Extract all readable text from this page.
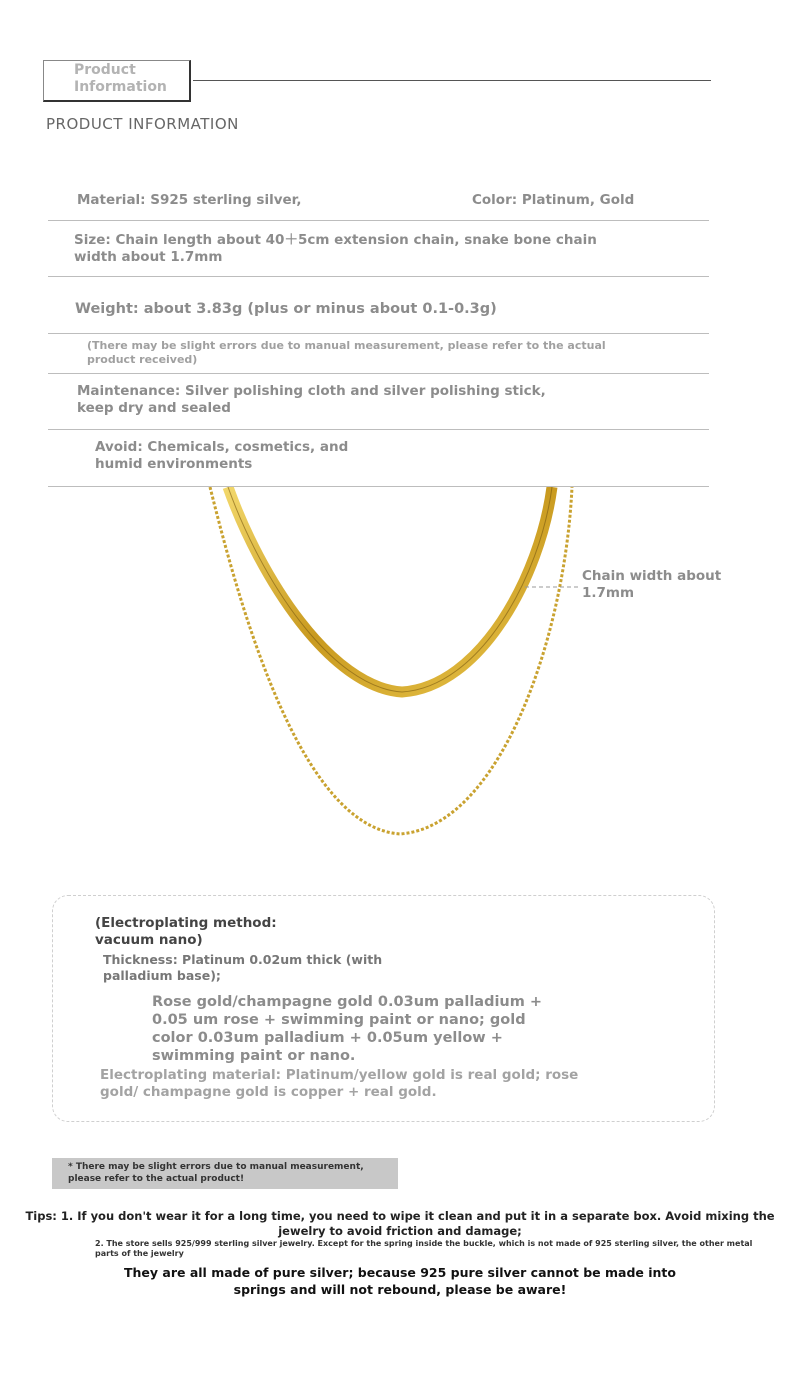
Product Information
PRODUCT INFORMATION
Material: S925 sterling silver,	Color: Platinum, Gold
Size: Chain length about 40＋5cm extension chain, snake bone chain width about 1.7mm
Weight: about 3.83g (plus or minus about 0.1-0.3g)
(There may be slight errors due to manual measurement, please refer to the actual product received)
Maintenance: Silver polishing cloth and silver polishing stick, keep dry and sealed
Avoid: Chemicals, cosmetics, and humid environments
Chain width about 1.7mm
(Electroplating method: vacuum nano)
Thickness: Platinum 0.02um thick (with palladium base);
Rose gold/champagne gold 0.03um palladium + 0.05 um rose + swimming paint or nano; gold color 0.03um palladium + 0.05um yellow + swimming paint or nano.
Electroplating material: Platinum/yellow gold is real gold; rose gold/ champagne gold is copper + real gold.
* There may be slight errors due to manual measurement, please refer to the actual product!
Tips: 1. If you don't wear it for a long time, you need to wipe it clean and put it in a separate box. Avoid mixing the jewelry to avoid friction and damage;
2. The store sells 925/999 sterling silver jewelry. Except for the spring inside the buckle, which is not made of 925 sterling silver, the other metal parts of the jewelry
They are all made of pure silver; because 925 pure silver cannot be made into springs and will not rebound, please be aware!
